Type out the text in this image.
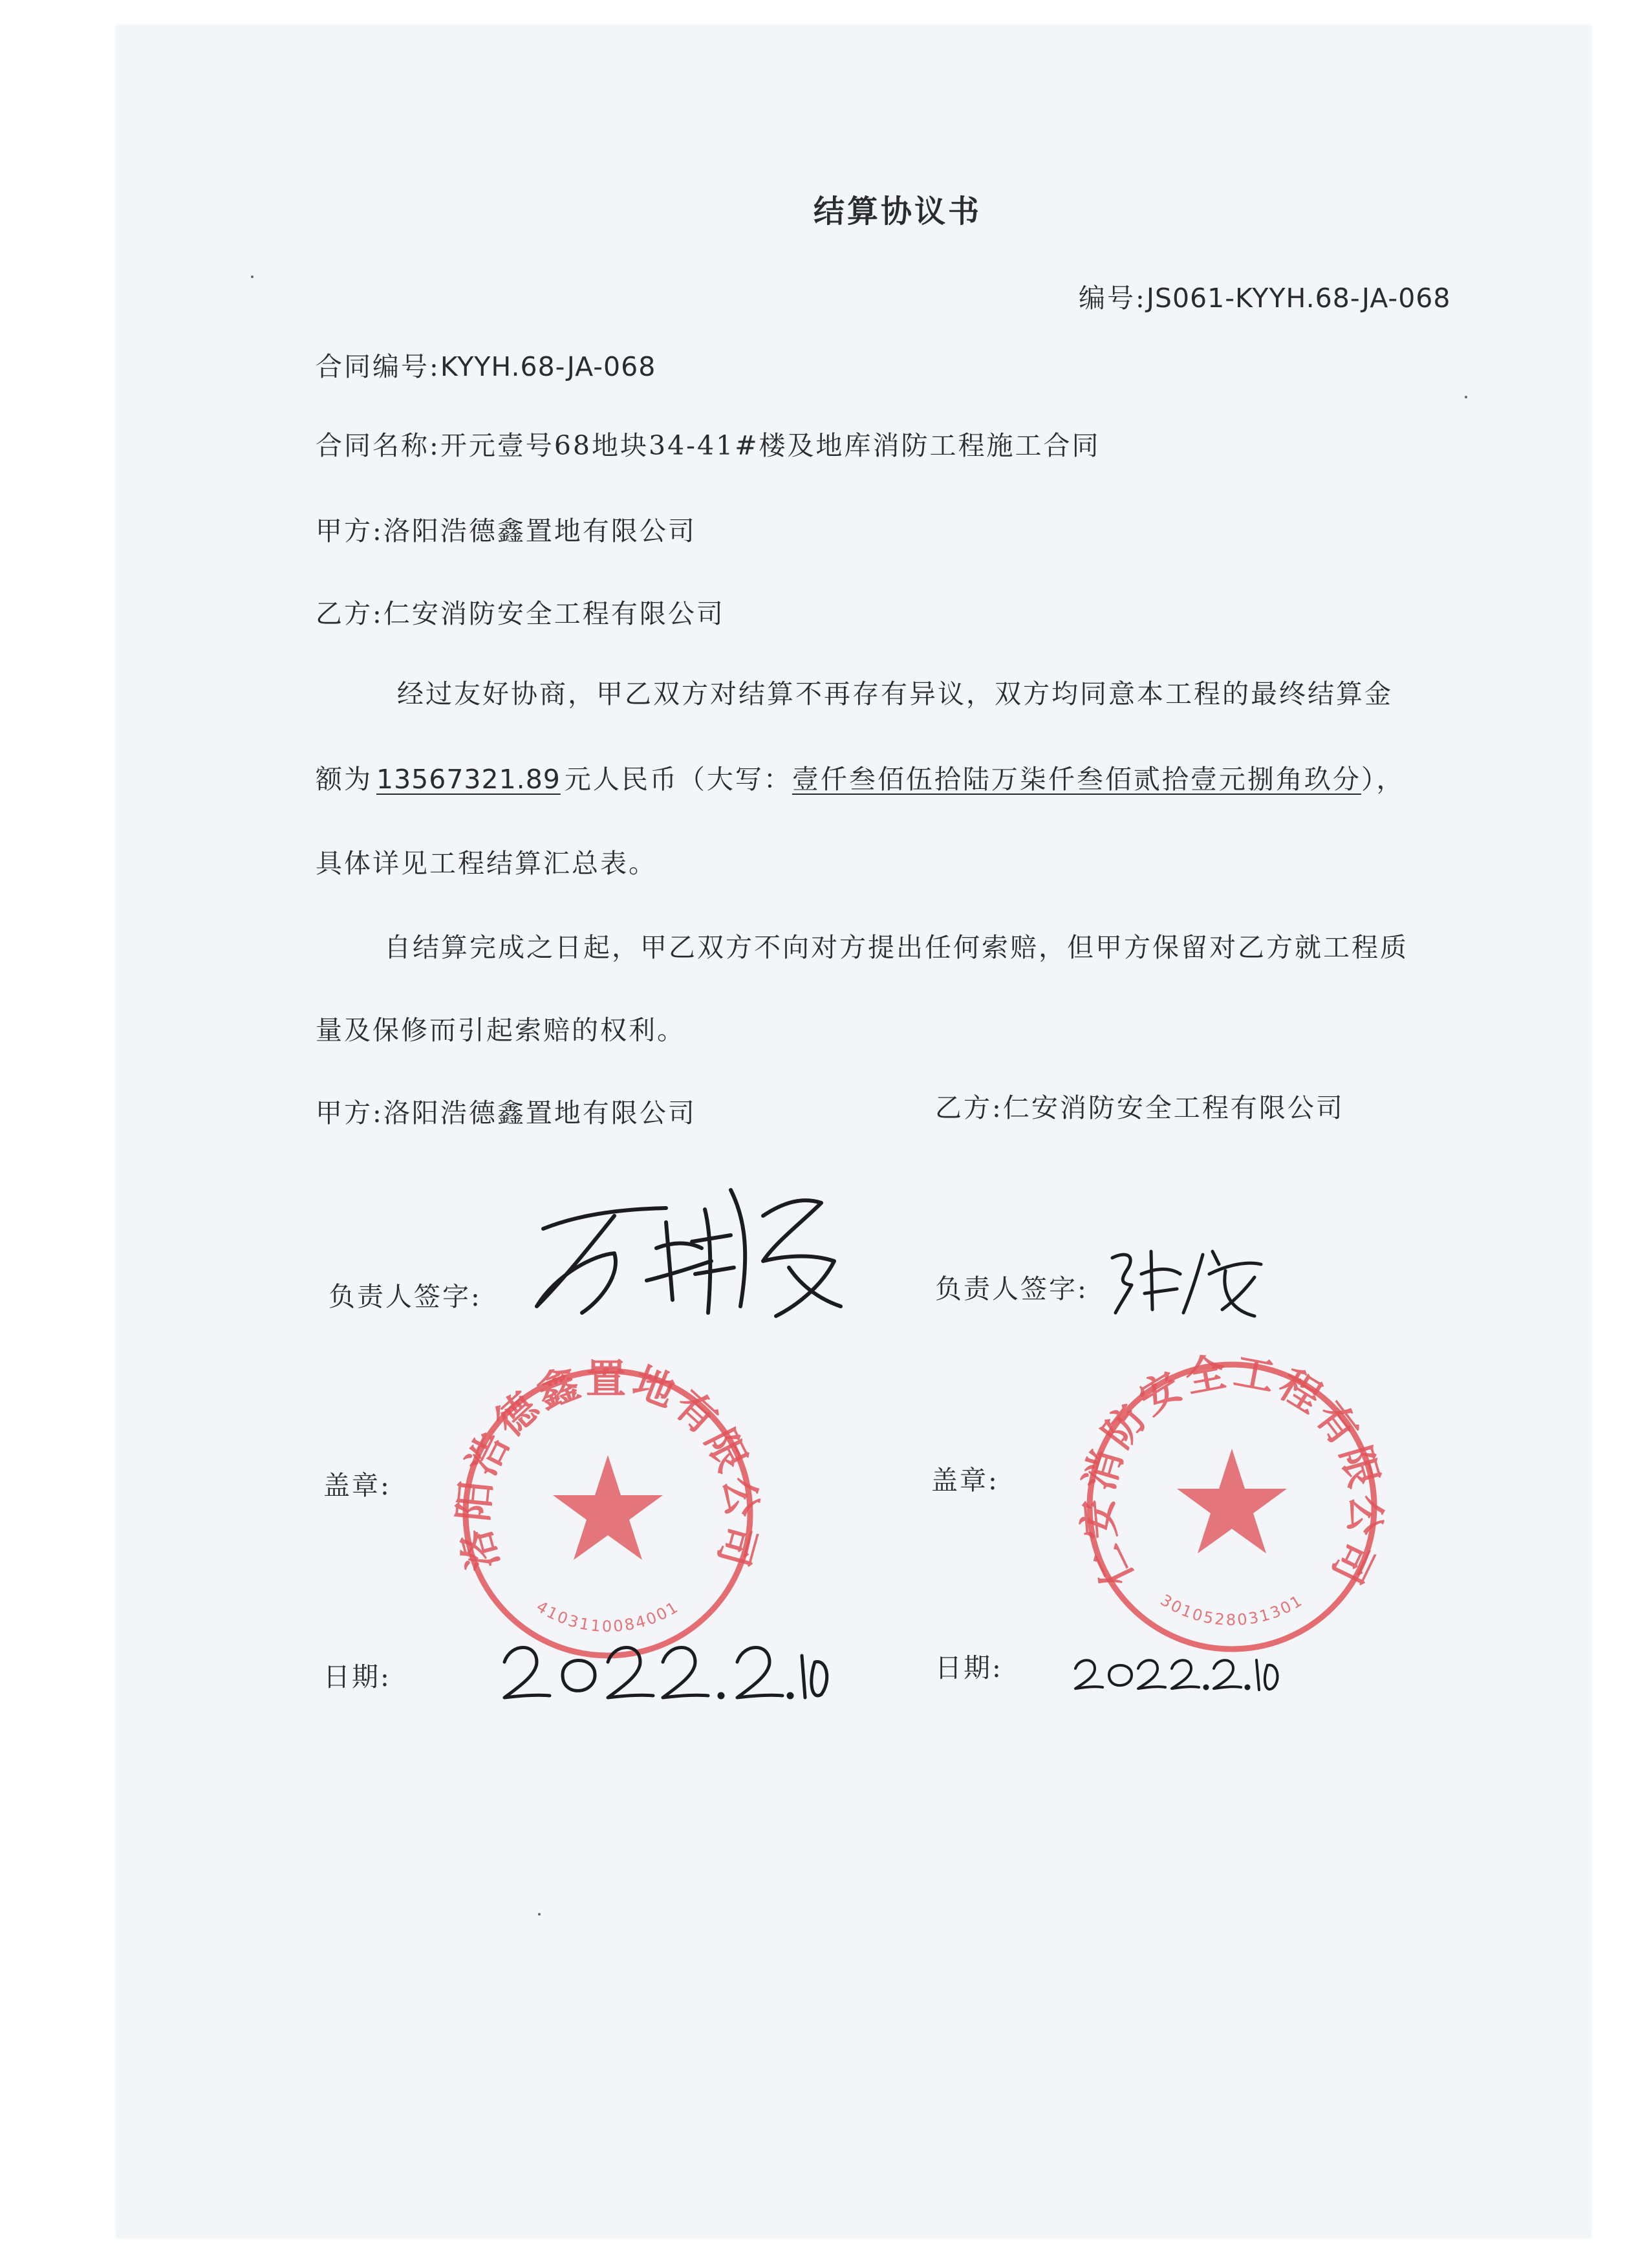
结算协议书
编号:JS061-KYYH.68-JA-068
合同编号:KYYH.68-JA-068
合同名称:开元壹号68地块34-41#楼及地库消防工程施工合同
甲方:洛阳浩德鑫置地有限公司
乙方:仁安消防安全工程有限公司
经过友好协商，甲乙双方对结算不再存有异议，双方均同意本工程的最终结算金
额为 13567321.89 元人民币（大写：壹仟叁佰伍拾陆万柒仟叁佰贰拾壹元捌角玖分），
具体详见工程结算汇总表。
自结算完成之日起，甲乙双方不向对方提出任何索赔，但甲方保留对乙方就工程质
量及保修而引起索赔的权利。
甲方:洛阳浩德鑫置地有限公司
负责人签字:
盖章:
日期:
乙方:仁安消防安全工程有限公司
负责人签字:
盖章:
日期:
洛阳浩德鑫置地有限公司
4103110084001
仁安消防安全工程有限公司
3010528031301
